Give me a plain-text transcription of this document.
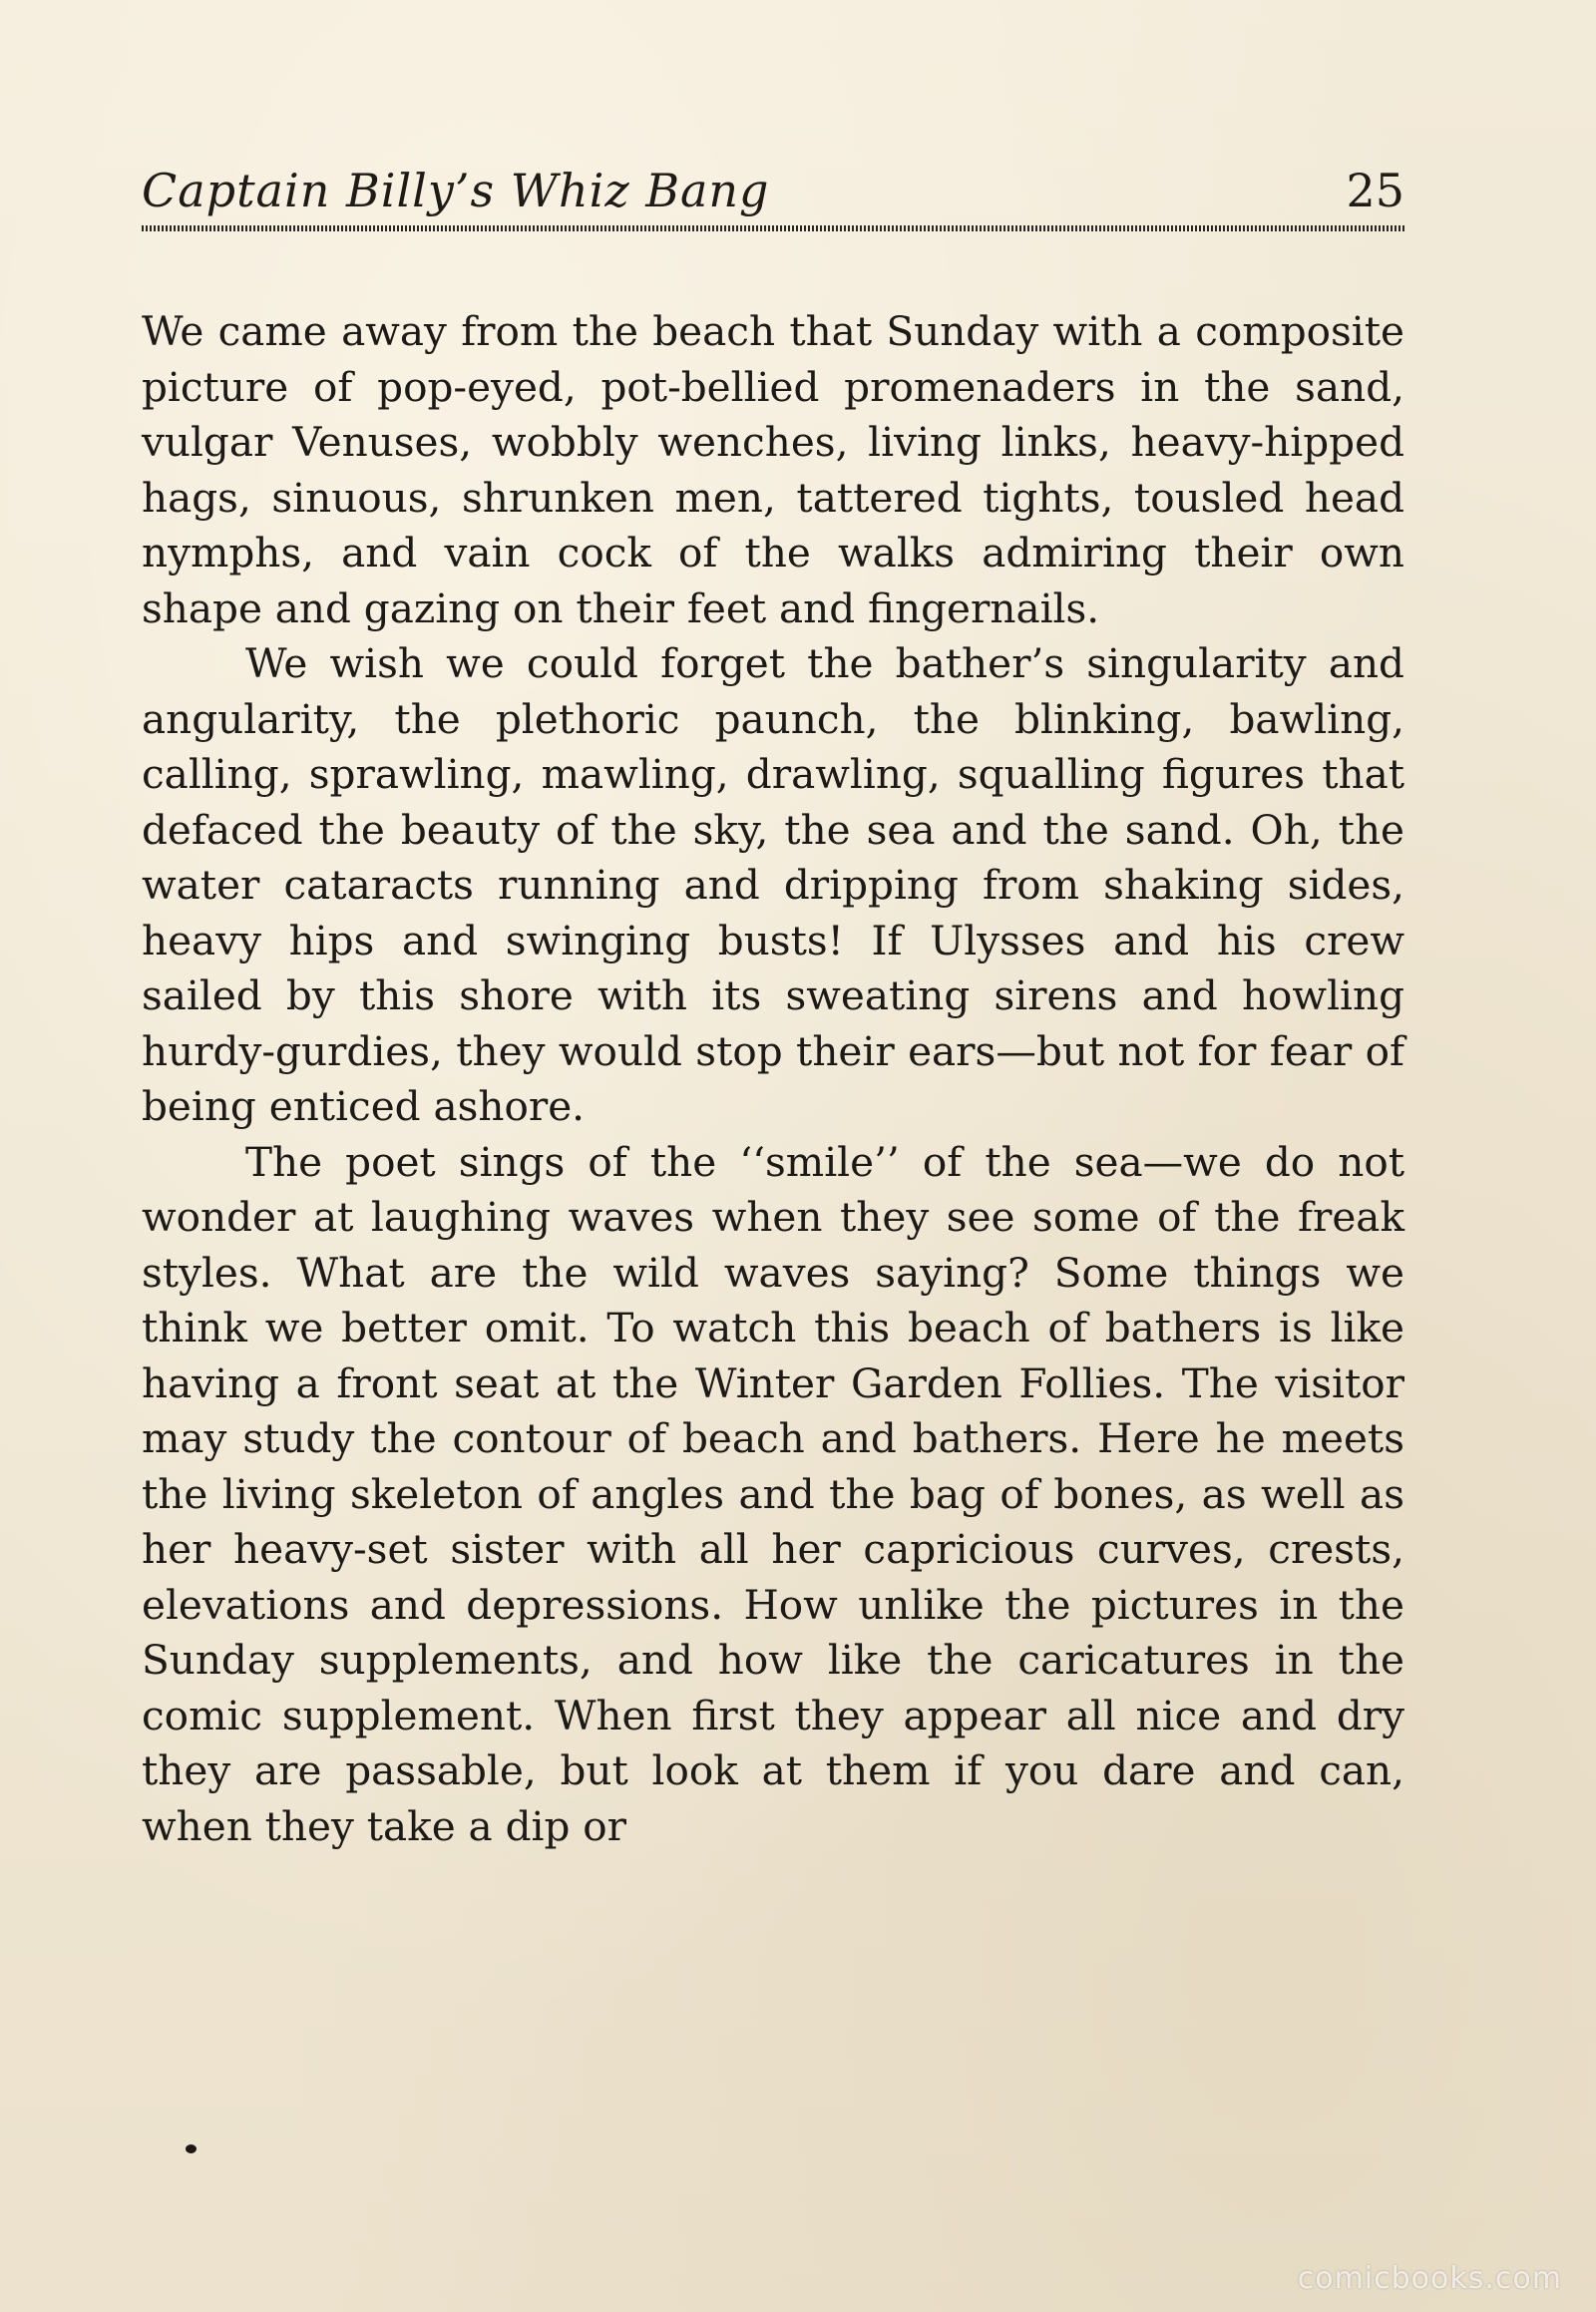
Captain Billy’s Whiz Bang	25

We came away from the beach that Sunday with a composite picture of pop-eyed, pot-bellied promenaders in the sand, vulgar Venuses, wobbly wenches, living links, heavy-hipped hags, sinuous, shrunken men, tattered tights, tousled head nymphs, and vain cock of the walks admiring their own shape and gazing on their feet and fingernails.

We wish we could forget the bather’s singularity and angularity, the plethoric paunch, the blinking, bawling, calling, sprawling, mawling, drawling, squalling figures that defaced the beauty of the sky, the sea and the sand. Oh, the water cataracts running and dripping from shaking sides, heavy hips and swinging busts! If Ulysses and his crew sailed by this shore with its sweating sirens and howling hurdy-gurdies, they would stop their ears—but not for fear of being enticed ashore.

The poet sings of the ‘‘smile’’ of the sea—we do not wonder at laughing waves when they see some of the freak styles. What are the wild waves saying? Some things we think we better omit. To watch this beach of bathers is like having a front seat at the Winter Garden Follies. The visitor may study the contour of beach and bathers. Here he meets the living skeleton of angles and the bag of bones, as well as her heavy-set sister with all her capricious curves, crests, elevations and depressions. How unlike the pictures in the Sunday supplements, and how like the caricatures in the comic supplement. When first they appear all nice and dry they are passable, but look at them if you dare and can, when they take a dip or

comicbooks.com
